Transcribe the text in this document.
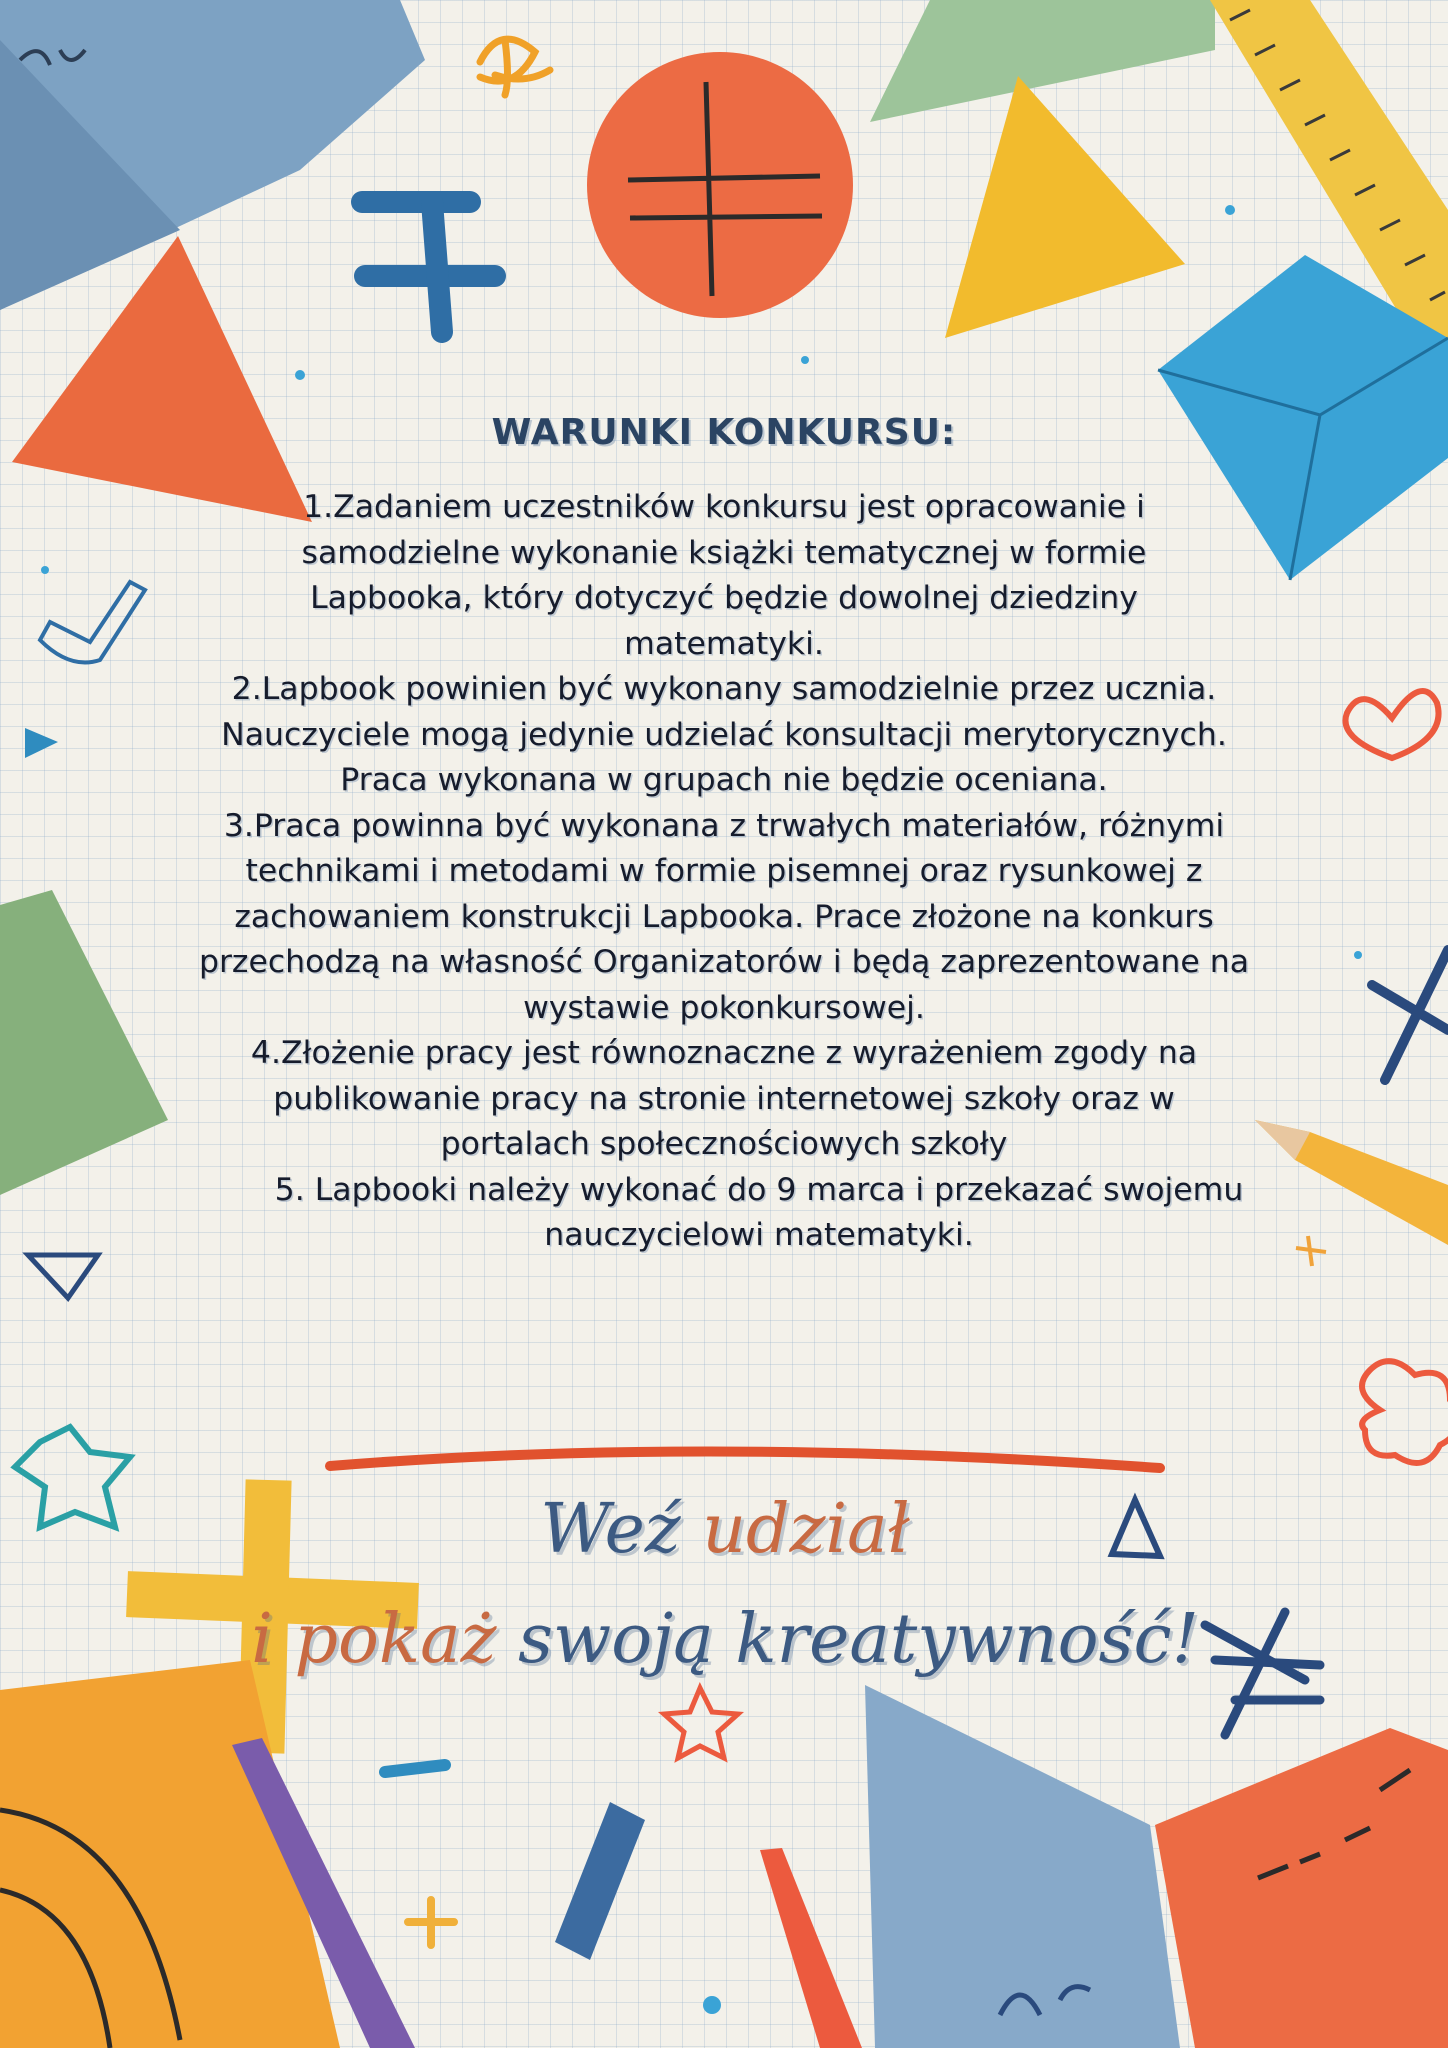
WARUNKI KONKURSU:
1.Zadaniem uczestników konkursu jest opracowanie i samodzielne wykonanie książki tematycznej w formie Lapbooka, który dotyczyć będzie dowolnej dziedziny matematyki.
2.Lapbook powinien być wykonany samodzielnie przez ucznia. Nauczyciele mogą jedynie udzielać konsultacji merytorycznych. Praca wykonana w grupach nie będzie oceniana.
3.Praca powinna być wykonana z trwałych materiałów, różnymi technikami i metodami w formie pisemnej oraz rysunkowej z zachowaniem konstrukcji Lapbooka. Prace złożone na konkurs przechodzą na własność Organizatorów i będą zaprezentowane na wystawie pokonkursowej.
4.Złożenie pracy jest równoznaczne z wyrażeniem zgody na publikowanie pracy na stronie internetowej szkoły oraz w portalach społecznościowych szkoły
5. Lapbooki należy wykonać do 9 marca i przekazać swojemu nauczycielowi matematyki.
Weź udział
i pokaż swoją kreatywność!
